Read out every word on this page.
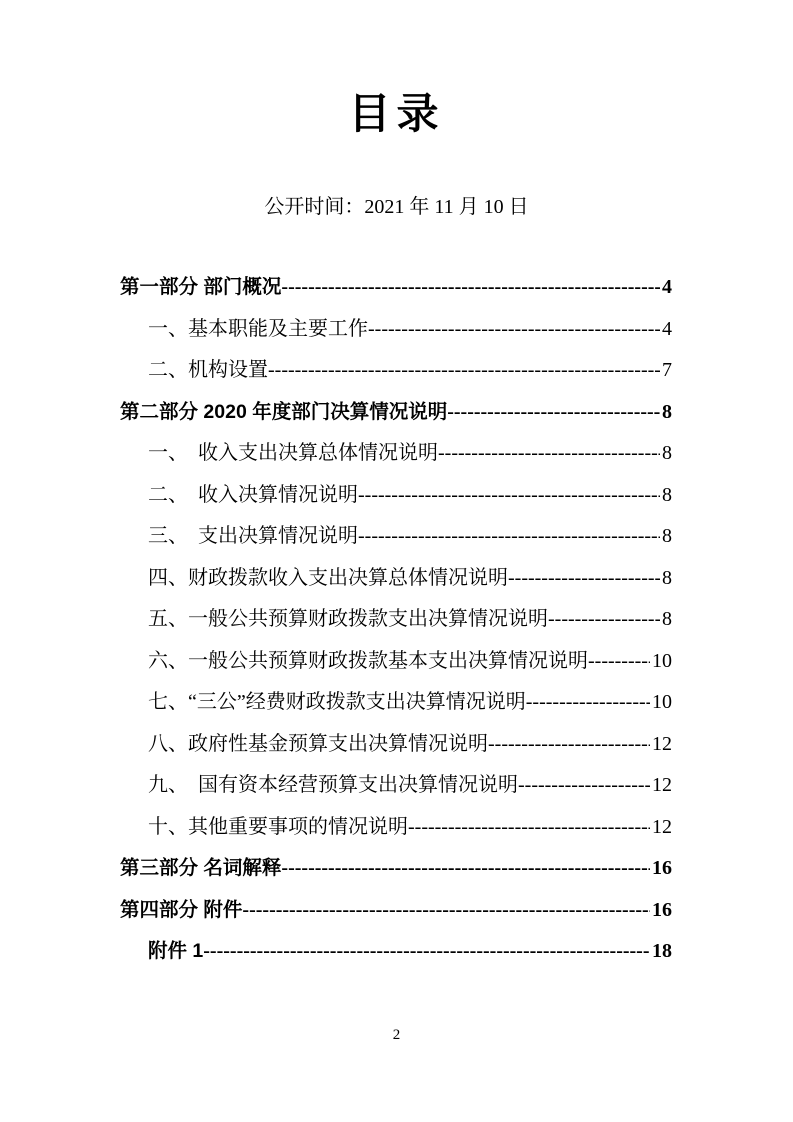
目录
公开时间：2021 年 11 月 10 日
第一部分 部门概况 -----	4
一、基本职能及主要工作 -----	4
二、机构设置 -----	7
第二部分 2020 年度部门决算情况说明 -----	8
一、　收入支出决算总体情况说明 -----	8
二、　收入决算情况说明 -----	8
三、　支出决算情况说明 -----	8
四、财政拨款收入支出决算总体情况说明 -----	8
五、一般公共预算财政拨款支出决算情况说明 -----	8
六、一般公共预算财政拨款基本支出决算情况说明 -----	10
七、“三公”经费财政拨款支出决算情况说明 -----	10
八、政府性基金预算支出决算情况说明 -----	12
九、　国有资本经营预算支出决算情况说明 -----	12
十、其他重要事项的情况说明 -----	12
第三部分 名词解释 -----	16
第四部分 附件 -----	16
附件 1 -----	18
2
